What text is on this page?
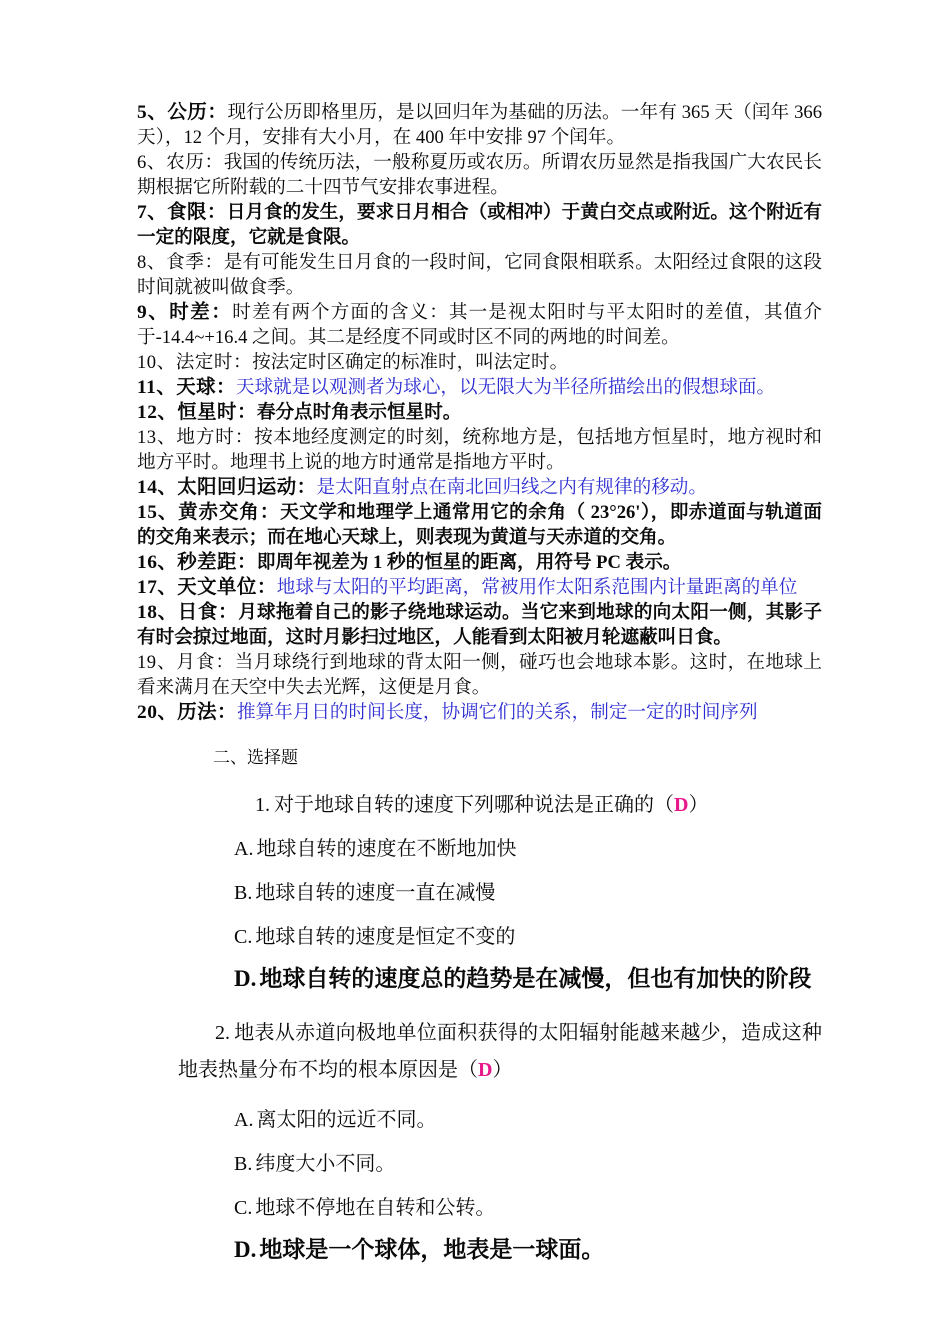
5、公历：现行公历即格里历，是以回归年为基础的历法。一年有 365 天（闰年 366 天），12 个月，安排有大小月，在 400 年中安排 97 个闰年。

6、农历：我国的传统历法，一般称夏历或农历。所谓农历显然是指我国广大农民长期根据它所附载的二十四节气安排农事进程。

7、食限：日月食的发生，要求日月相合（或相冲）于黄白交点或附近。这个附近有一定的限度，它就是食限。

8、食季：是有可能发生日月食的一段时间，它同食限相联系。太阳经过食限的这段时间就被叫做食季。

9、时差：时差有两个方面的含义：其一是视太阳时与平太阳时的差值，其值介于-14.4~+16.4 之间。其二是经度不同或时区不同的两地的时间差。

10、法定时：按法定时区确定的标准时，叫法定时。

11、天球：天球就是以观测者为球心，以无限大为半径所描绘出的假想球面。

12、恒星时：春分点时角表示恒星时。

13、地方时：按本地经度测定的时刻，统称地方是，包括地方恒星时，地方视时和地方平时。地理书上说的地方时通常是指地方平时。

14、太阳回归运动：是太阳直射点在南北回归线之内有规律的移动。

15、黄赤交角：天文学和地理学上通常用它的余角（ 23°26'），即赤道面与轨道面的交角来表示；而在地心天球上，则表现为黄道与天赤道的交角。

16、秒差距：即周年视差为 1 秒的恒星的距离，用符号 PC 表示。

17、天文单位：地球与太阳的平均距离，常被用作太阳系范围内计量距离的单位

18、日食：月球拖着自己的影子绕地球运动。当它来到地球的向太阳一侧，其影子有时会掠过地面，这时月影扫过地区，人能看到太阳被月轮遮蔽叫日食。

19、月食：当月球绕行到地球的背太阳一侧，碰巧也会地球本影。这时，在地球上看来满月在天空中失去光辉，这便是月食。

20、历法：推算年月日的时间长度，协调它们的关系，制定一定的时间序列

二、选择题

1. 对于地球自转的速度下列哪种说法是正确的（D）

A. 地球自转的速度在不断地加快

B. 地球自转的速度一直在减慢

C. 地球自转的速度是恒定不变的

D. 地球自转的速度总的趋势是在减慢，但也有加快的阶段

2. 地表从赤道向极地单位面积获得的太阳辐射能越来越少，造成这种地表热量分布不均的根本原因是（D）

A. 离太阳的远近不同。

B. 纬度大小不同。

C. 地球不停地在自转和公转。

D. 地球是一个球体，地表是一球面。
